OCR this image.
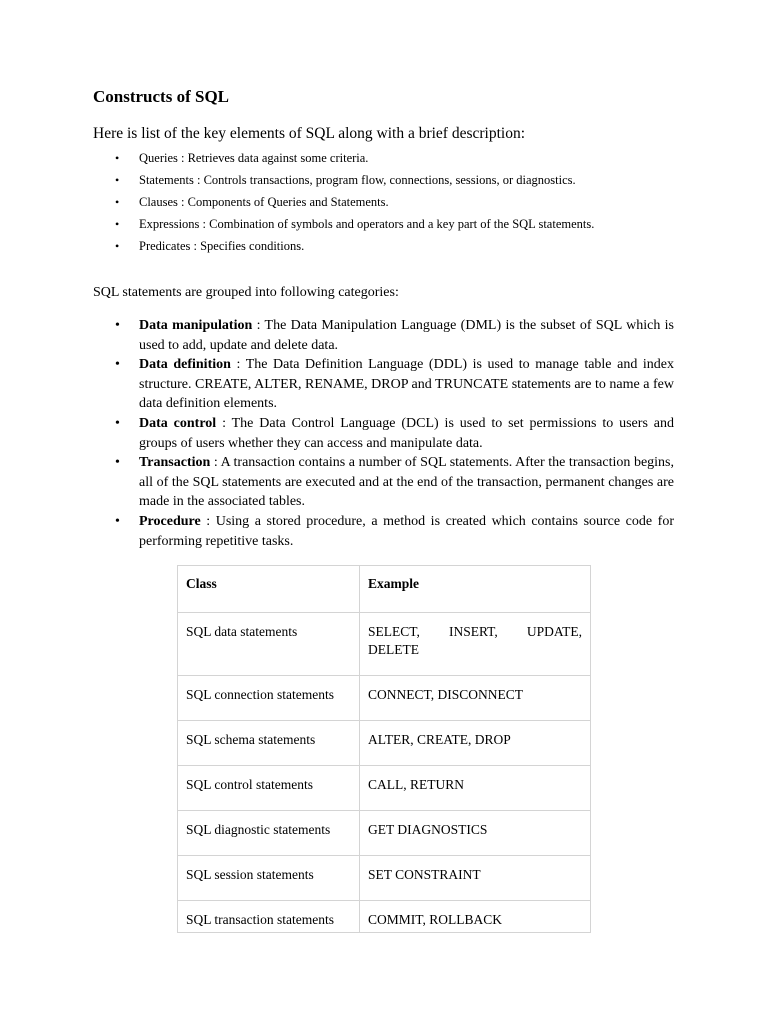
Constructs of SQL

Here is list of the key elements of SQL along with a brief description:

• Queries : Retrieves data against some criteria.
• Statements : Controls transactions, program flow, connections, sessions, or diagnostics.
• Clauses : Components of Queries and Statements.
• Expressions : Combination of symbols and operators and a key part of the SQL statements.
• Predicates : Specifies conditions.

SQL statements are grouped into following categories:

• Data manipulation : The Data Manipulation Language (DML) is the subset of SQL which is used to add, update and delete data.
• Data definition : The Data Definition Language (DDL) is used to manage table and index structure. CREATE, ALTER, RENAME, DROP and TRUNCATE statements are to name a few data definition elements.
• Data control : The Data Control Language (DCL) is used to set permissions to users and groups of users whether they can access and manipulate data.
• Transaction : A transaction contains a number of SQL statements. After the transaction begins, all of the SQL statements are executed and at the end of the transaction, permanent changes are made in the associated tables.
• Procedure : Using a stored procedure, a method is created which contains source code for performing repetitive tasks.
Class	Example
SQL data statements	SELECT, INSERT, UPDATE, DELETE
SQL connection statements	CONNECT, DISCONNECT
SQL schema statements	ALTER, CREATE, DROP
SQL control statements	CALL, RETURN
SQL diagnostic statements	GET DIAGNOSTICS
SQL session statements	SET CONSTRAINT
SQL transaction statements	COMMIT, ROLLBACK
